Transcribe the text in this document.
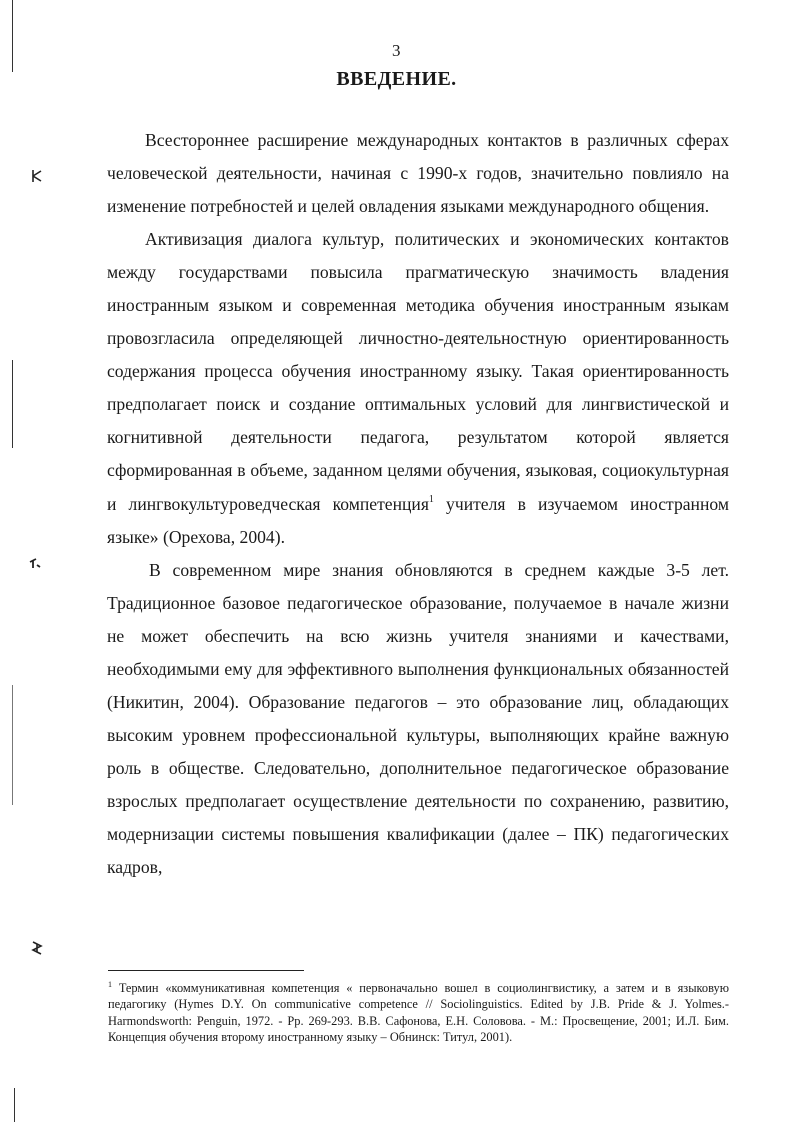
3
ВВЕДЕНИЕ.

Всестороннее расширение международных контактов в различных сферах человеческой деятельности, начиная с 1990-х годов, значительно повлияло на изменение потребностей и целей овладения языками международного общения.

Активизация диалога культур, политических и экономических контактов между государствами повысила прагматическую значимость владения иностранным языком и современная методика обучения иностранным языкам провозгласила определяющей личностно-деятельностную ориентированность содержания процесса обучения иностранному языку. Такая ориентированность предполагает поиск и создание оптимальных условий для лингвистической и когнитивной деятельности педагога, результатом которой является сформированная в объеме, заданном целями обучения, языковая, социокультурная и лингвокультуроведческая компетенция$^1$ учителя в изучаемом иностранном языке» (Орехова, 2004).

В современном мире знания обновляются в среднем каждые 3-5 лет. Традиционное базовое педагогическое образование, получаемое в начале жизни не может обеспечить на всю жизнь учителя знаниями и качествами, необходимыми ему для эффективного выполнения функциональных обязанностей (Никитин, 2004). Образование педагогов – это образование лиц, обладающих высоким уровнем профессиональной культуры, выполняющих крайне важную роль в обществе. Следовательно, дополнительное педагогическое образование взрослых предполагает осуществление деятельности по сохранению, развитию, модернизации системы повышения квалификации (далее – ПК) педагогических кадров,

$^1$ Термин «коммуникативная компетенция « первоначально вошел в социолингвистику, а затем и в языковую педагогику (Hymes D.Y. On communicative competence // Sociolinguistics. Edited by J.B. Pride & J. Yolmes.-Harmondsworth: Penguin, 1972. - Pp. 269-293. В.В. Сафонова, Е.Н. Соловова. - М.: Просвещение, 2001; И.Л. Бим. Концепция обучения второму иностранному языку – Обнинск: Титул, 2001).
